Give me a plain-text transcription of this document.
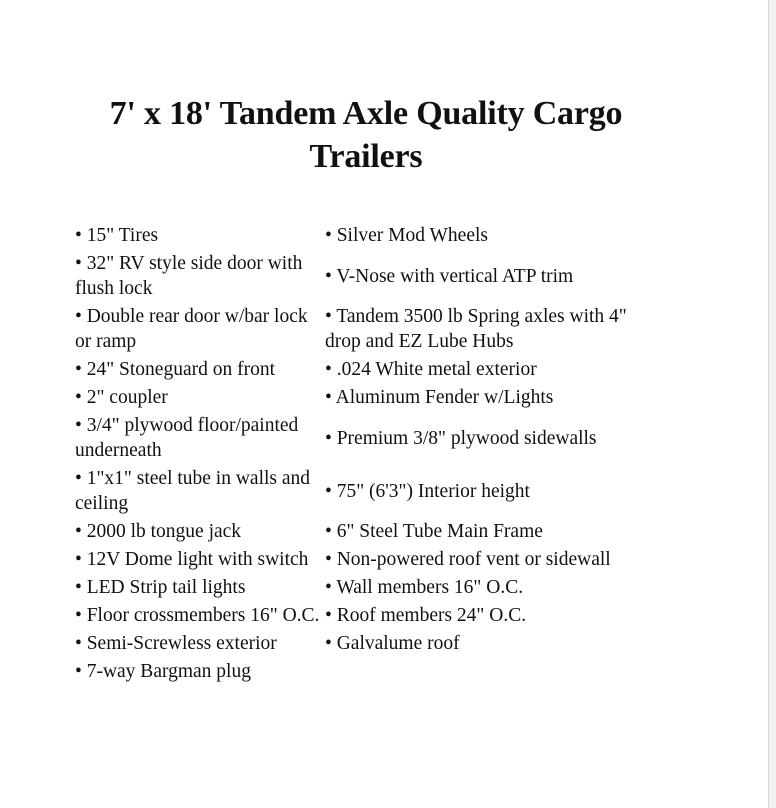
7' x 18' Tandem Axle Quality Cargo Trailers
• 15" Tires	• Silver Mod Wheels
• 32" RV style side door with flush lock	• V-Nose with vertical ATP trim
• Double rear door w/bar lock or ramp	• Tandem 3500 lb Spring axles with 4" drop and EZ Lube Hubs
• 24" Stoneguard on front	• .024 White metal exterior
• 2" coupler	• Aluminum Fender w/Lights
• 3/4" plywood floor/painted underneath	• Premium 3/8" plywood sidewalls
• 1"x1" steel tube in walls and ceiling	• 75" (6'3") Interior height
• 2000 lb tongue jack	• 6" Steel Tube Main Frame
• 12V Dome light with switch	• Non-powered roof vent or sidewall
• LED Strip tail lights	• Wall members 16" O.C.
• Floor crossmembers 16" O.C.	• Roof members 24" O.C.
• Semi-Screwless exterior	• Galvalume roof
• 7-way Bargman plug	
